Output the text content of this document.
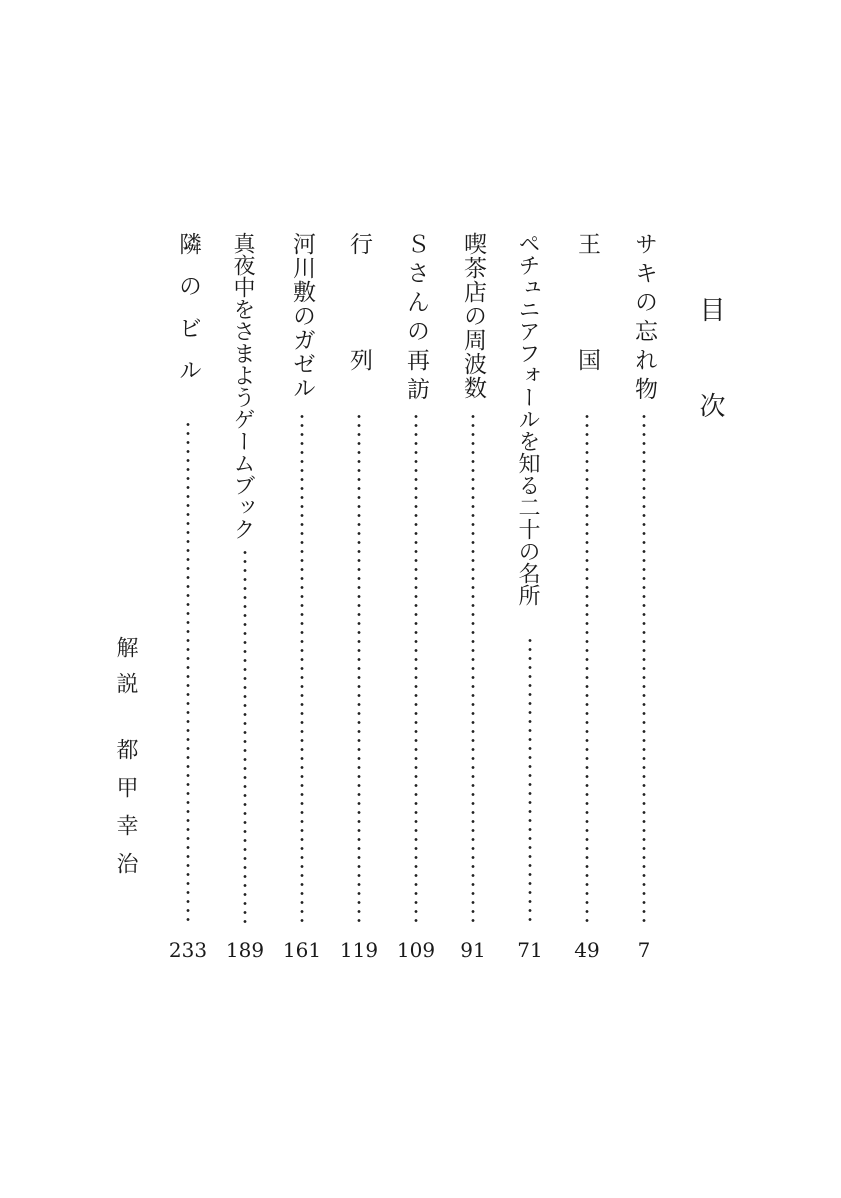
目　次
サキの忘れ物
7
王　　　国
49
ペチュニアフォールを知る二十の名所
71
喫茶店の周波数
91
Ｓさんの再訪
109
行　　　列
119
河川敷のガゼル
161
真夜中をさまようゲームブック
189
隣のビル
233
解説都甲幸治
